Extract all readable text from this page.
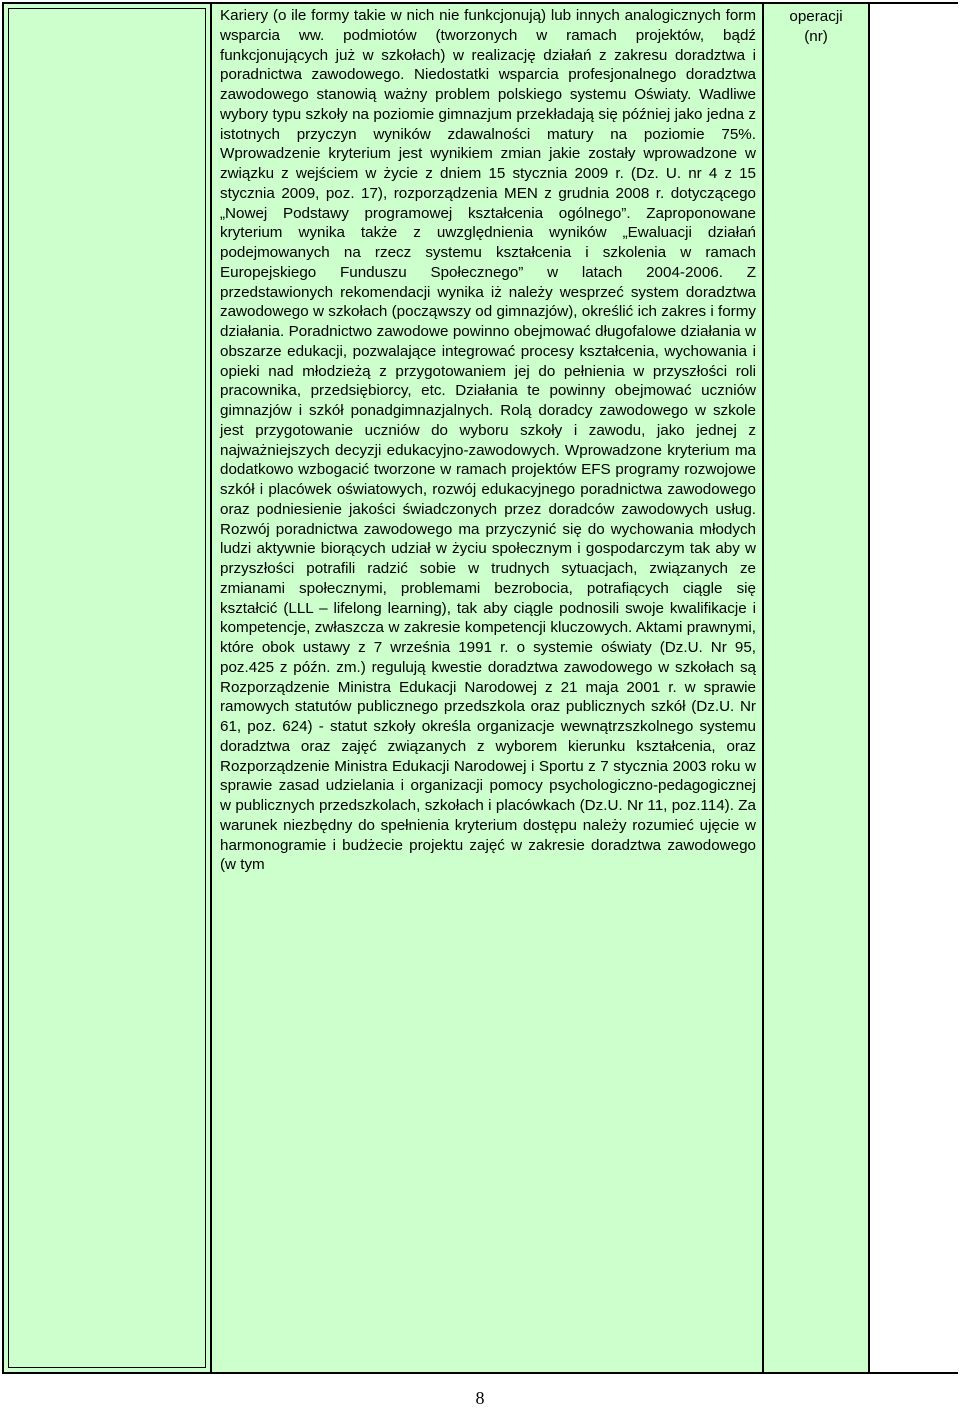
Kariery (o ile formy takie w nich nie funkcjonują) lub innych analogicznych form wsparcia ww. podmiotów (tworzonych w ramach projektów, bądź funkcjonujących już w szkołach) w realizację działań z zakresu doradztwa i poradnictwa zawodowego. Niedostatki wsparcia profesjonalnego doradztwa zawodowego stanowią ważny problem polskiego systemu Oświaty. Wadliwe wybory typu szkoły na poziomie gimnazjum przekładają się później jako jedna z istotnych przyczyn wyników zdawalności matury na poziomie 75%. Wprowadzenie kryterium jest wynikiem zmian jakie zostały wprowadzone w związku z wejściem w życie z dniem 15 stycznia 2009 r. (Dz. U. nr 4 z 15 stycznia 2009, poz. 17), rozporządzenia MEN z grudnia 2008 r. dotyczącego „Nowej Podstawy programowej kształcenia ogólnego”. Zaproponowane kryterium wynika także z uwzględnienia wyników „Ewaluacji działań podejmowanych na rzecz systemu kształcenia i szkolenia w ramach Europejskiego Funduszu Społecznego” w latach 2004-2006. Z przedstawionych rekomendacji wynika iż należy wesprzeć system doradztwa zawodowego w szkołach (począwszy od gimnazjów), określić ich zakres i formy działania. Poradnictwo zawodowe powinno obejmować długofalowe działania w obszarze edukacji, pozwalające integrować procesy kształcenia, wychowania i opieki nad młodzieżą z przygotowaniem jej do pełnienia w przyszłości roli pracownika, przedsiębiorcy, etc. Działania te powinny obejmować uczniów gimnazjów i szkół ponadgimnazjalnych. Rolą doradcy zawodowego w szkole jest przygotowanie uczniów do wyboru szkoły i zawodu, jako jednej z najważniejszych decyzji edukacyjno-zawodowych. Wprowadzone kryterium ma dodatkowo wzbogacić tworzone w ramach projektów EFS programy rozwojowe szkół i placówek oświatowych, rozwój edukacyjnego poradnictwa zawodowego oraz podniesienie jakości świadczonych przez doradców zawodowych usług. Rozwój poradnictwa zawodowego ma przyczynić się do wychowania młodych ludzi aktywnie biorących udział w życiu społecznym i gospodarczym tak aby w przyszłości potrafili radzić sobie w trudnych sytuacjach, związanych ze zmianami społecznymi, problemami bezrobocia, potrafiących ciągle się kształcić (LLL – lifelong learning), tak aby ciągle podnosili swoje kwalifikacje i kompetencje, zwłaszcza w zakresie kompetencji kluczowych. Aktami prawnymi, które obok ustawy z 7 września 1991 r. o systemie oświaty (Dz.U. Nr 95, poz.425 z późn. zm.) regulują kwestie doradztwa zawodowego w szkołach są Rozporządzenie Ministra Edukacji Narodowej z 21 maja 2001 r. w sprawie ramowych statutów publicznego przedszkola oraz publicznych szkół (Dz.U. Nr 61, poz. 624) - statut szkoły określa organizacje wewnątrzszkolnego systemu doradztwa oraz zajęć związanych z wyborem kierunku kształcenia, oraz Rozporządzenie Ministra Edukacji Narodowej i Sportu z 7 stycznia 2003 roku w sprawie zasad udzielania i organizacji pomocy psychologiczno-pedagogicznej w publicznych przedszkolach, szkołach i placówkach (Dz.U. Nr 11, poz.114). Za warunek niezbędny do spełnienia kryterium dostępu należy rozumieć ujęcie w harmonogramie i budżecie projektu zajęć w zakresie doradztwa zawodowego (w tym

operacji
(nr)
8
